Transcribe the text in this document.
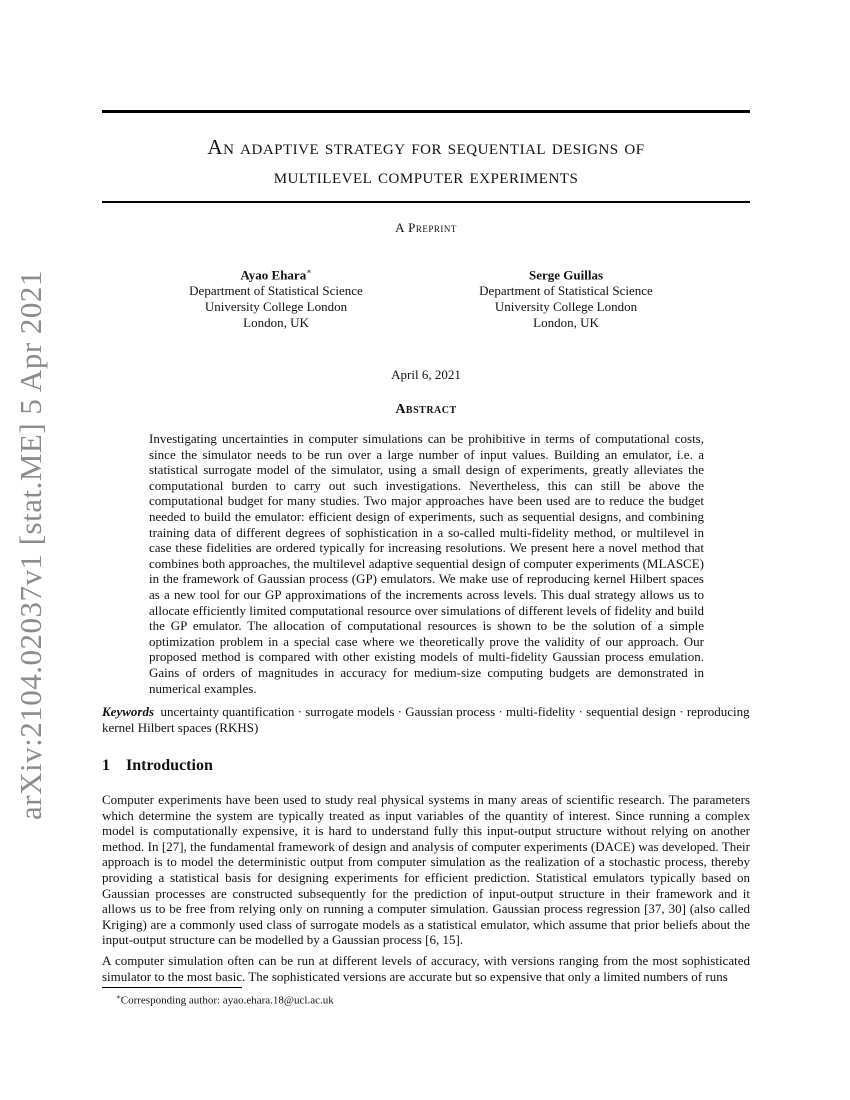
arXiv:2104.02037v1 [stat.ME] 5 Apr 2021
An adaptive strategy for sequential designs of
multilevel computer experiments
A Preprint
Ayao Ehara∗
Department of Statistical Science
University College London
London, UK
Serge Guillas
Department of Statistical Science
University College London
London, UK
April 6, 2021
Abstract

Investigating uncertainties in computer simulations can be prohibitive in terms of computational costs, since the simulator needs to be run over a large number of input values. Building an emulator, i.e. a statistical surrogate model of the simulator, using a small design of experiments, greatly alleviates the computational burden to carry out such investigations. Nevertheless, this can still be above the computational budget for many studies. Two major approaches have been used are to reduce the budget needed to build the emulator: efficient design of experiments, such as sequential designs, and combining training data of different degrees of sophistication in a so-called multi-fidelity method, or multilevel in case these fidelities are ordered typically for increasing resolutions. We present here a novel method that combines both approaches, the multilevel adaptive sequential design of computer experiments (MLASCE) in the framework of Gaussian process (GP) emulators. We make use of reproducing kernel Hilbert spaces as a new tool for our GP approximations of the increments across levels. This dual strategy allows us to allocate efficiently limited computational resource over simulations of different levels of fidelity and build the GP emulator. The allocation of computational resources is shown to be the solution of a simple optimization problem in a special case where we theoretically prove the validity of our approach. Our proposed method is compared with other existing models of multi-fidelity Gaussian process emulation. Gains of orders of magnitudes in accuracy for medium-size computing budgets are demonstrated in numerical examples.

Keywords uncertainty quantification · surrogate models · Gaussian process · multi-fidelity · sequential design · reproducing kernel Hilbert spaces (RKHS)

1 Introduction

Computer experiments have been used to study real physical systems in many areas of scientific research. The parameters which determine the system are typically treated as input variables of the quantity of interest. Since running a complex model is computationally expensive, it is hard to understand fully this input-output structure without relying on another method. In [27], the fundamental framework of design and analysis of computer experiments (DACE) was developed. Their approach is to model the deterministic output from computer simulation as the realization of a stochastic process, thereby providing a statistical basis for designing experiments for efficient prediction. Statistical emulators typically based on Gaussian processes are constructed subsequently for the prediction of input-output structure in their framework and it allows us to be free from relying only on running a computer simulation. Gaussian process regression [37, 30] (also called Kriging) are a commonly used class of surrogate models as a statistical emulator, which assume that prior beliefs about the input-output structure can be modelled by a Gaussian process [6, 15].

A computer simulation often can be run at different levels of accuracy, with versions ranging from the most sophisticated simulator to the most basic. The sophisticated versions are accurate but so expensive that only a limited numbers of runs

∗Corresponding author: ayao.ehara.18@ucl.ac.uk
